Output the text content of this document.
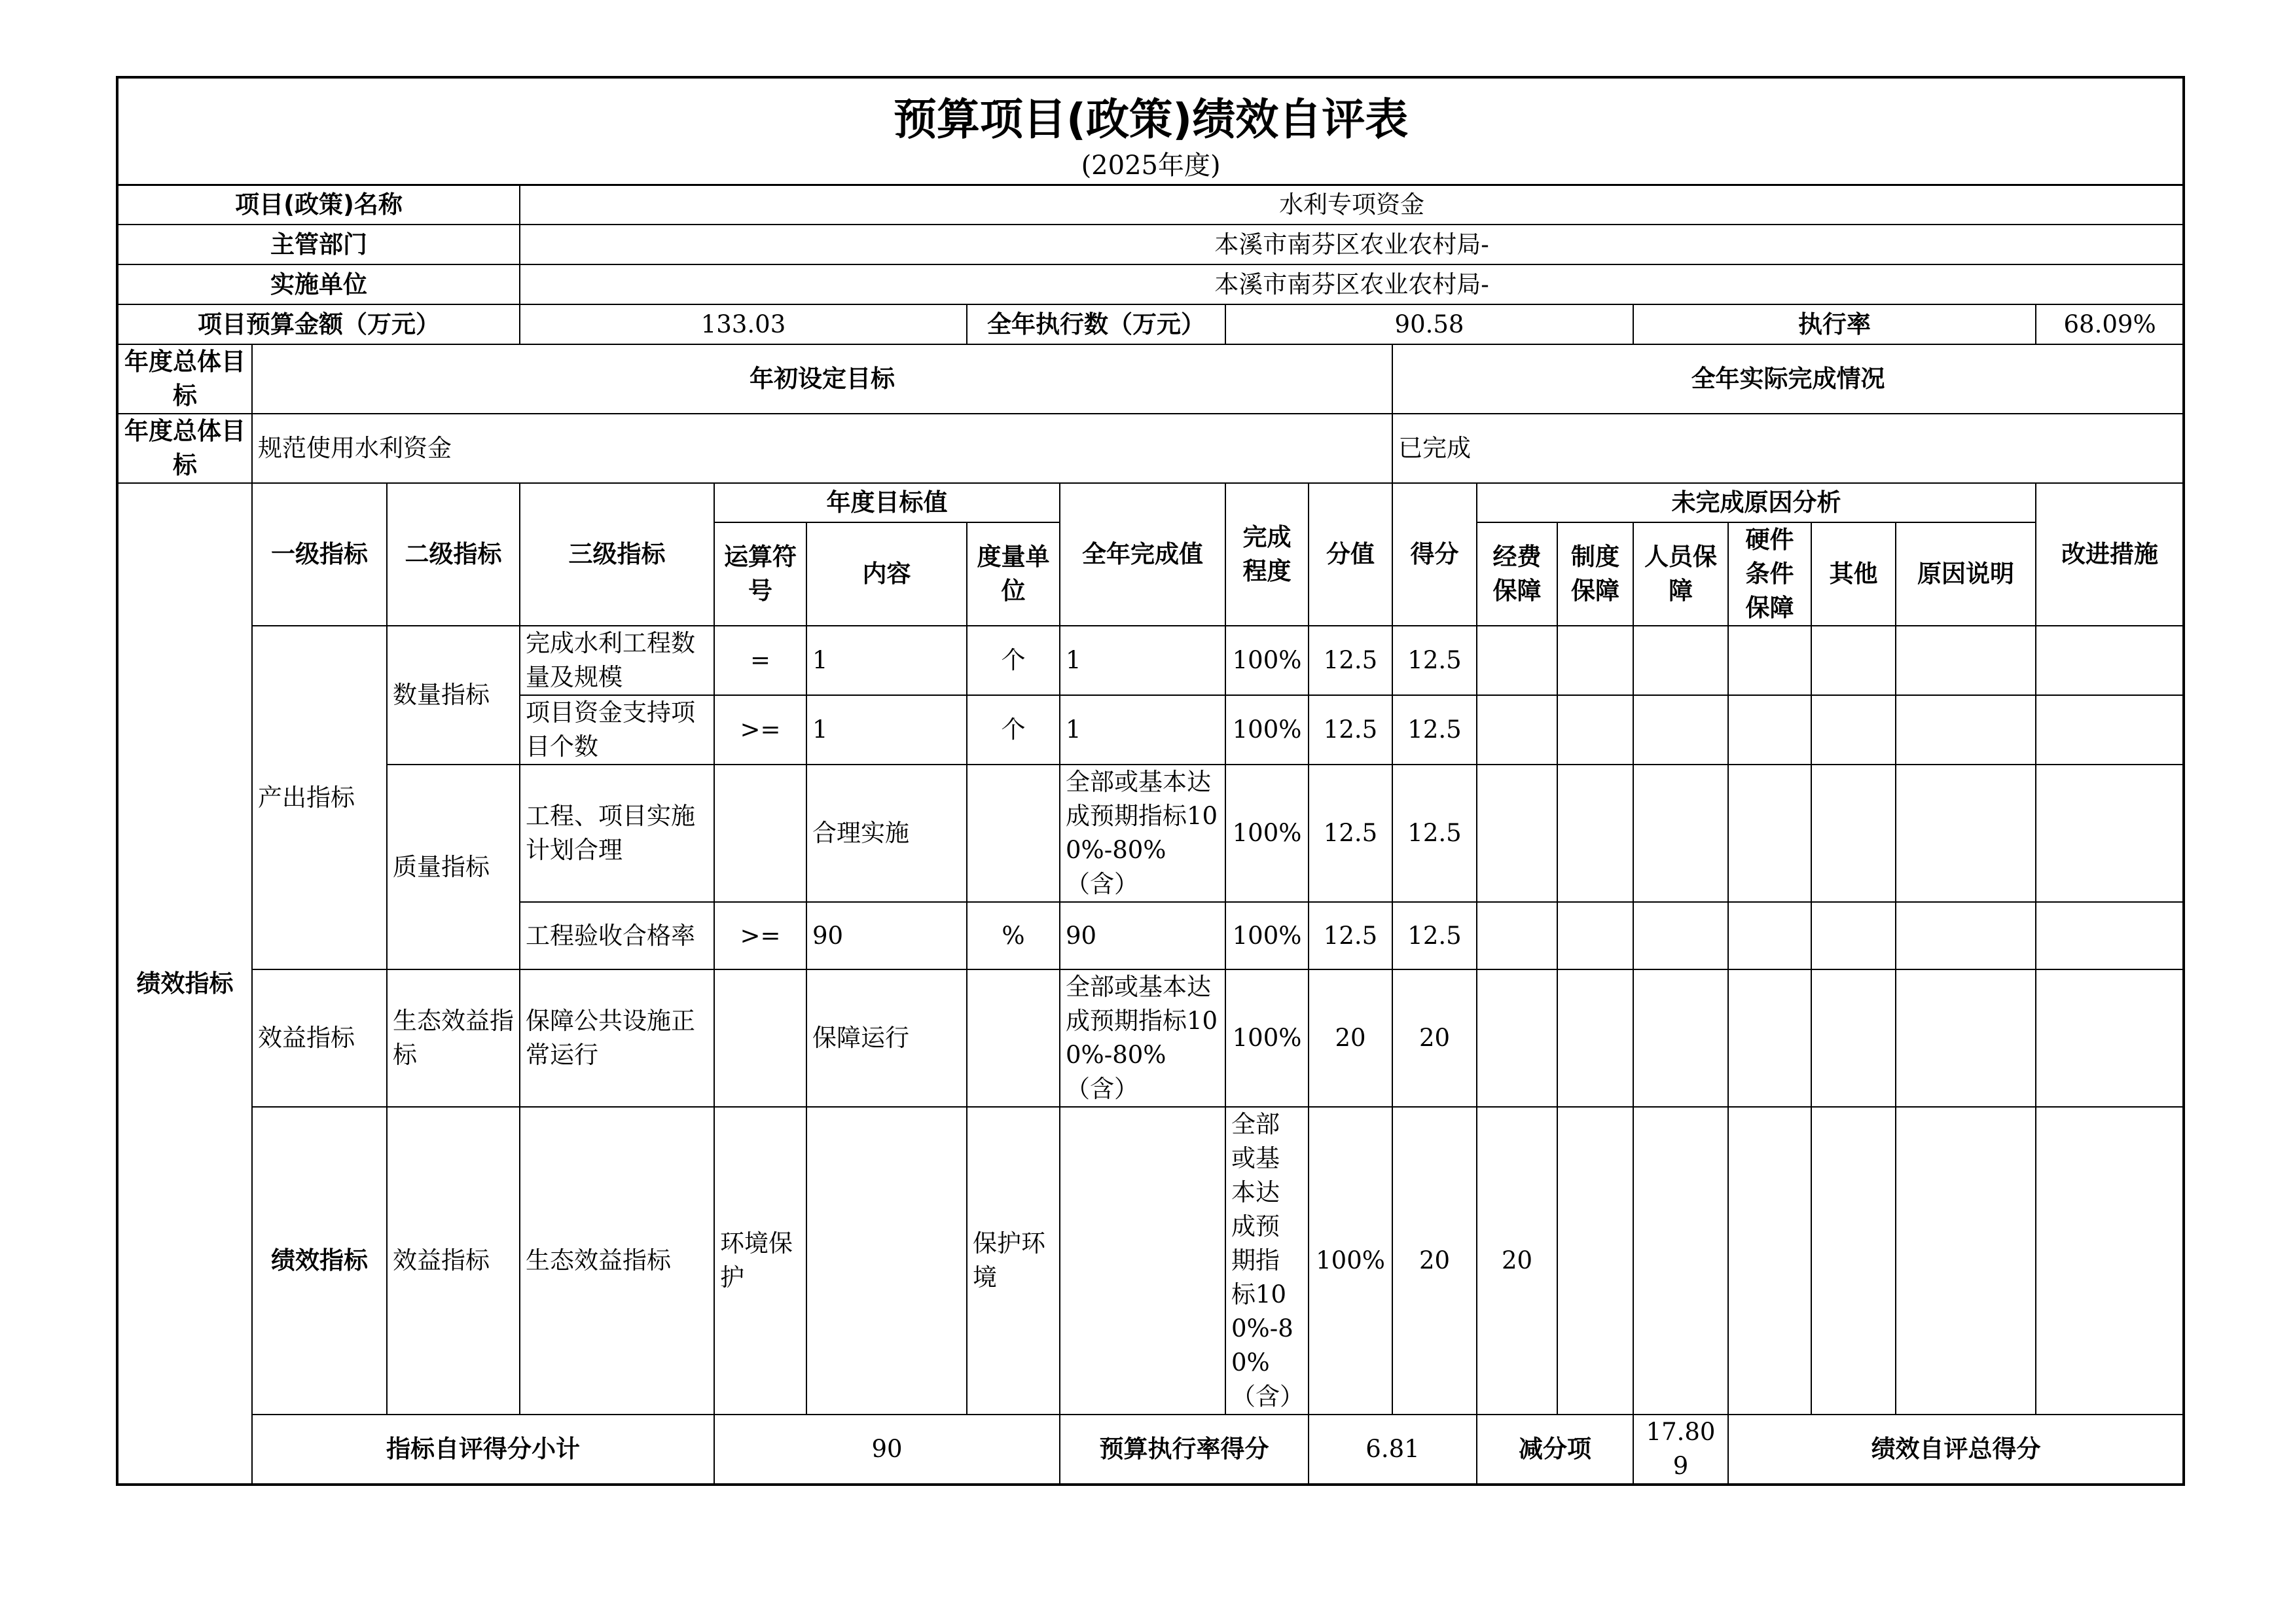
预算项目(政策)绩效自评表
(2025年度)																		

项目(政策)名称			水利专项资金															
主管部门			本溪市南芬区农业农村局-															
实施单位			本溪市南芬区农业农村局-															
项目预算金额（万元）			133.03			全年执行数（万元）		90.58					执行率				68.09%	
年度总体目标	年初设定目标									全年实际完成情况								
年度总体目标	规范使用水利资金									已完成								
绩效指标	一级指标	二级指标	三级指标	年度目标值			全年完成值	完成程度	分值	得分	未完成原因分析						改进措施	
				运算符号	内容	度量单位					经费保障	制度保障	人员保障	硬件条件保障	其他	原因说明		
	产出指标	数量指标	完成水利工程数量及规模	=	1	个	1	100%	12.5	12.5								
			项目资金支持项目个数	>=	1	个	1	100%	12.5	12.5								
		质量指标	工程、项目实施计划合理		合理实施		全部或基本达成预期指标100%-80%（含）	100%	12.5	12.5								
			工程验收合格率	>=	90	%	90	100%	12.5	12.5								
	效益指标	生态效益指标	保障公共设施正常运行		保障运行		全部或基本达成预期指标100%-80%（含）	100%	20	20								
	绩效指标	效益指标	生态效益指标	环境保护		保护环境		全部或基本达成预期指标100%-80%（含）	100%	20	20							
	指标自评得分小计			90			预算执行率得分		6.81		减分项		17.809	绩效自评总得分	
